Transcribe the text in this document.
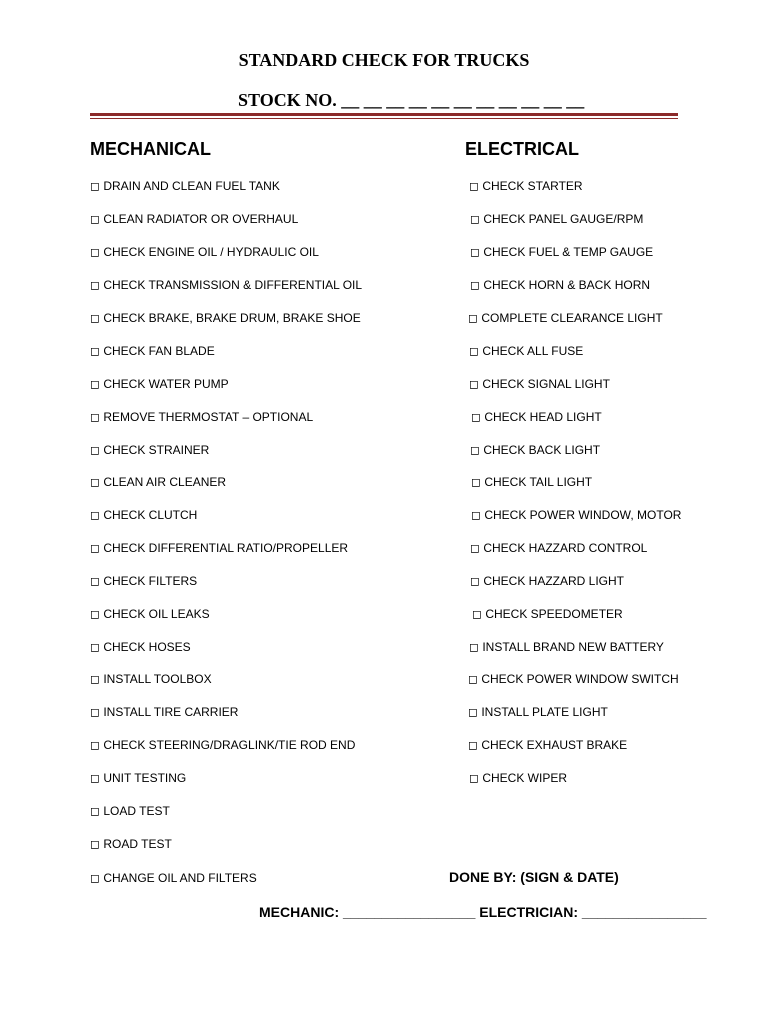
STANDARD CHECK FOR TRUCKS
STOCK NO. __ __ __ __ __ __ __ __ __ __ __
MECHANICAL	ELECTRICAL
◻ DRAIN AND CLEAN FUEL TANK
◻ CLEAN RADIATOR OR OVERHAUL
◻ CHECK ENGINE OIL / HYDRAULIC OIL
◻ CHECK TRANSMISSION & DIFFERENTIAL OIL
◻ CHECK BRAKE, BRAKE DRUM, BRAKE SHOE
◻ CHECK FAN BLADE
◻ CHECK WATER PUMP
◻ REMOVE THERMOSTAT – OPTIONAL
◻ CHECK STRAINER
◻ CLEAN AIR CLEANER
◻ CHECK CLUTCH
◻ CHECK DIFFERENTIAL RATIO/PROPELLER
◻ CHECK FILTERS
◻ CHECK OIL LEAKS
◻ CHECK HOSES
◻ INSTALL TOOLBOX
◻ INSTALL TIRE CARRIER
◻ CHECK STEERING/DRAGLINK/TIE ROD END
◻ UNIT TESTING
◻ LOAD TEST
◻ ROAD TEST
◻ CHANGE OIL AND FILTERS
◻ CHECK STARTER
◻ CHECK PANEL GAUGE/RPM
◻ CHECK FUEL & TEMP GAUGE
◻ CHECK HORN & BACK HORN
◻ COMPLETE CLEARANCE LIGHT
◻ CHECK ALL FUSE
◻ CHECK SIGNAL LIGHT
◻ CHECK HEAD LIGHT
◻ CHECK BACK LIGHT
◻ CHECK TAIL LIGHT
◻ CHECK POWER WINDOW, MOTOR
◻ CHECK HAZZARD CONTROL
◻ CHECK HAZZARD LIGHT
◻ CHECK SPEEDOMETER
◻ INSTALL BRAND NEW BATTERY
◻ CHECK POWER WINDOW SWITCH
◻ INSTALL PLATE LIGHT
◻ CHECK EXHAUST BRAKE
◻ CHECK WIPER
DONE BY: (SIGN & DATE)
MECHANIC: _________________ ELECTRICIAN: ________________
